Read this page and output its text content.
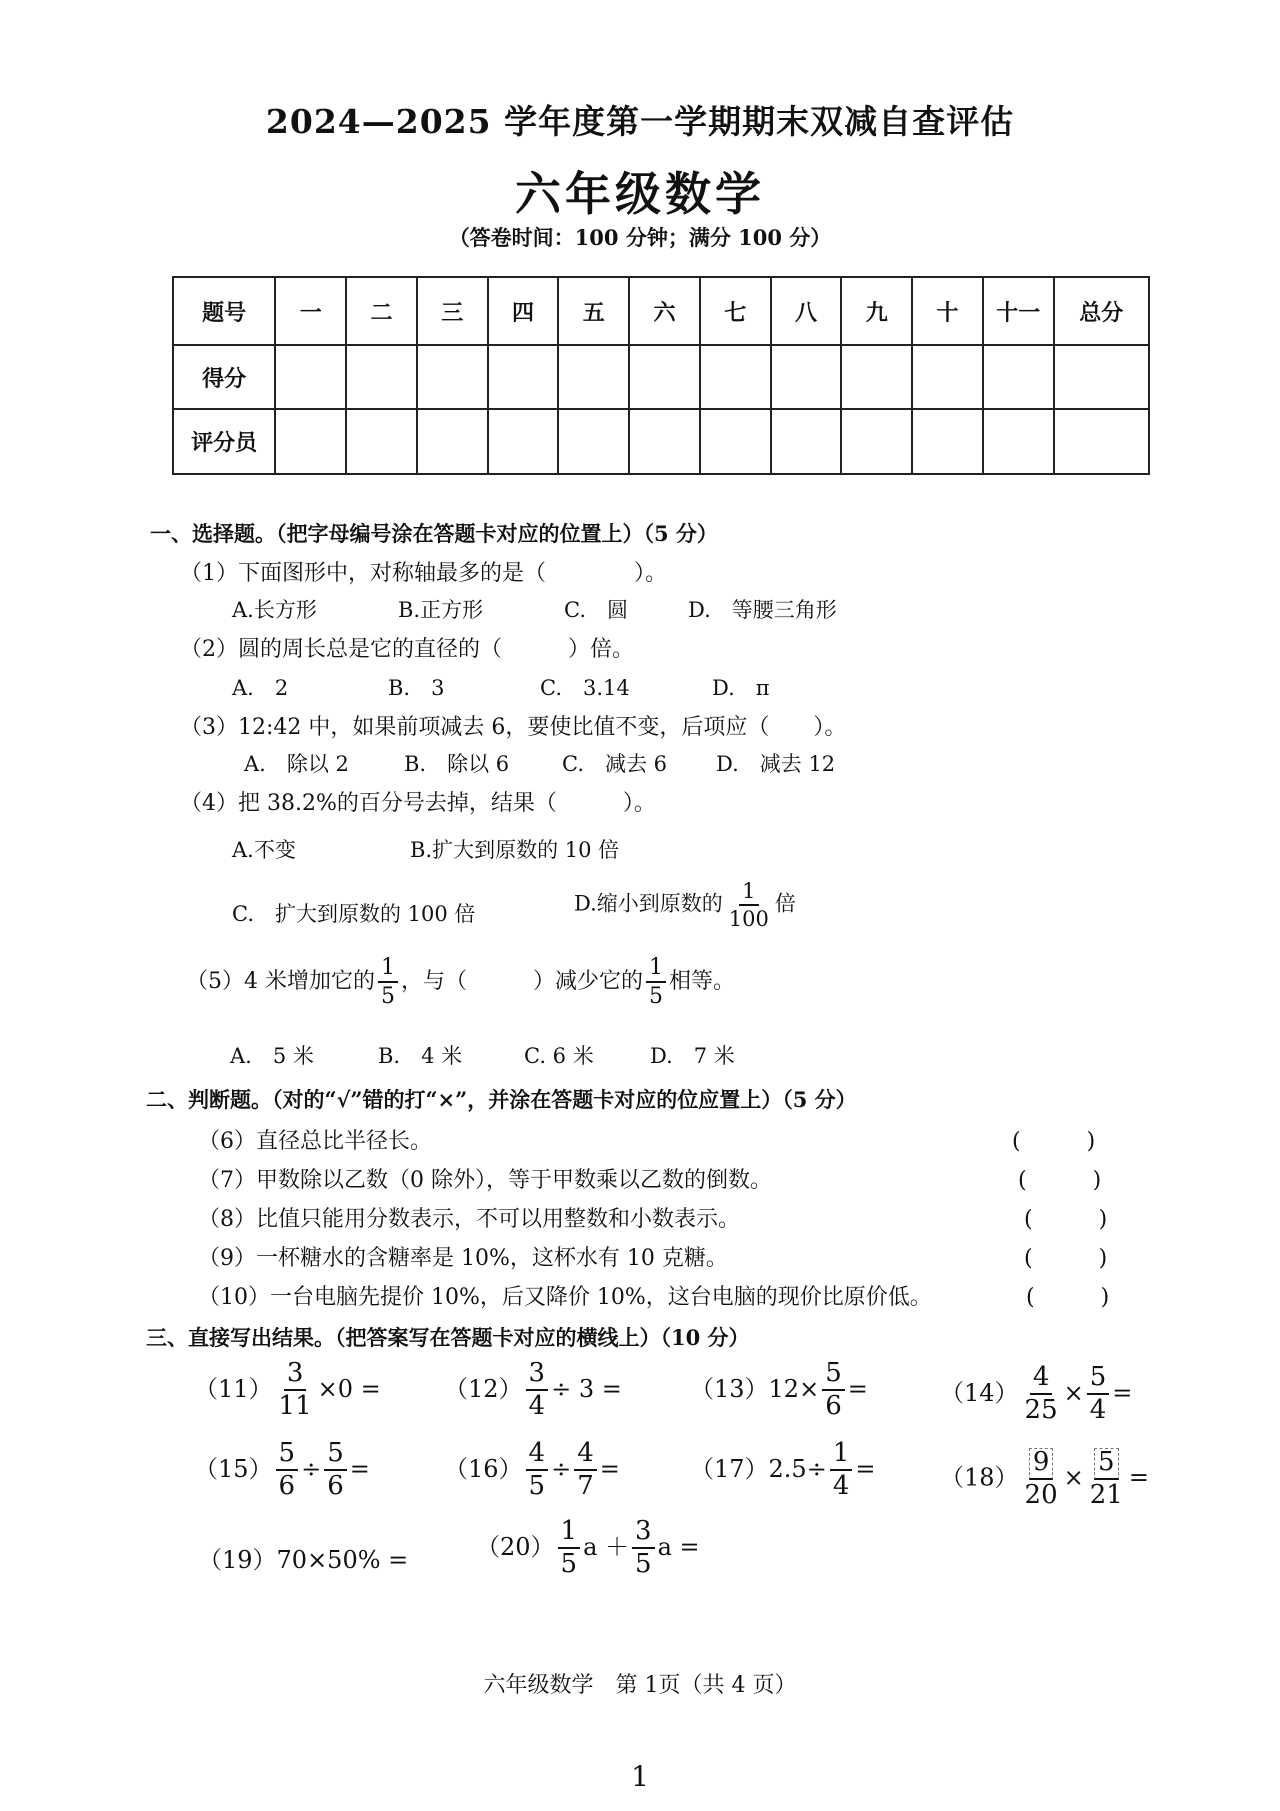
2024—2025 学年度第一学期期末双减自查评估
六年级数学
（答卷时间：100 分钟；满分 100 分）
题号	一	二	三	四	五	六	七	八	九	十	十一	总分
得分												
评分员												
一、选择题。（把字母编号涂在答题卡对应的位置上）（5 分）
（1）下面图形中，对称轴最多的是（　　　　）。
A.长方形	B.正方形	C.　圆	D.　等腰三角形
（2）圆的周长总是它的直径的（　　　）倍。
A.　2	B.　3	C.　3.14	D.　π
（3）12:42 中，如果前项减去 6，要使比值不变，后项应（　　）。
A.　除以 2	B.　除以 6	C.　减去 6 D.　减去 12
（4）把 38.2%的百分号去掉，结果（　　　）。
A.不变	B.扩大到原数的 10 倍
C.　扩大到原数的 100 倍	D.缩小到原数的 $\frac{1}{100}$ 倍
（5）4 米增加它的 $\frac{1}{5}$ ，与（　　　）减少它的 $\frac{1}{5}$ 相等。
A.　5 米	B.　4 米	C. 6 米	D.　7 米
二、判断题。（对的“√”错的打“×”，并涂在答题卡对应的位应置上）（5 分）
（6）直径总比半径长。	(　　　)
（7）甲数除以乙数（0 除外），等于甲数乘以乙数的倒数。	(　　　)
（8）比值只能用分数表示，不可以用整数和小数表示。	(　　　)
（9）一杯糖水的含糖率是 10%，这杯水有 10 克糖。	(　　　)
（10）一台电脑先提价 10%，后又降价 10%，这台电脑的现价比原价低。	(　　　)
三、直接写出结果。（把答案写在答题卡对应的横线上）（10 分）
$(11) \frac{3}{11} \times 0$ =	$(12) \frac{3}{4} \div 3$ =	$(13)12\times \frac{5}{6}$ =	$(14) \frac{4}{25} \times \frac{5}{4}$ =
$(15) \frac{5}{6} \div \frac{5}{6}$ =	$(16) \frac{4}{5} \div \frac{4}{7}$ =	$(17)2.5\div \frac{1}{4}$ =	$(18) \frac{9}{20} \times \frac{5}{21}$ =
（19）70×50% =	$(20) \frac{1}{5}$ $a + \frac{3}{5}$ a =
六年级数学　第 1页（共 4 页）
1
